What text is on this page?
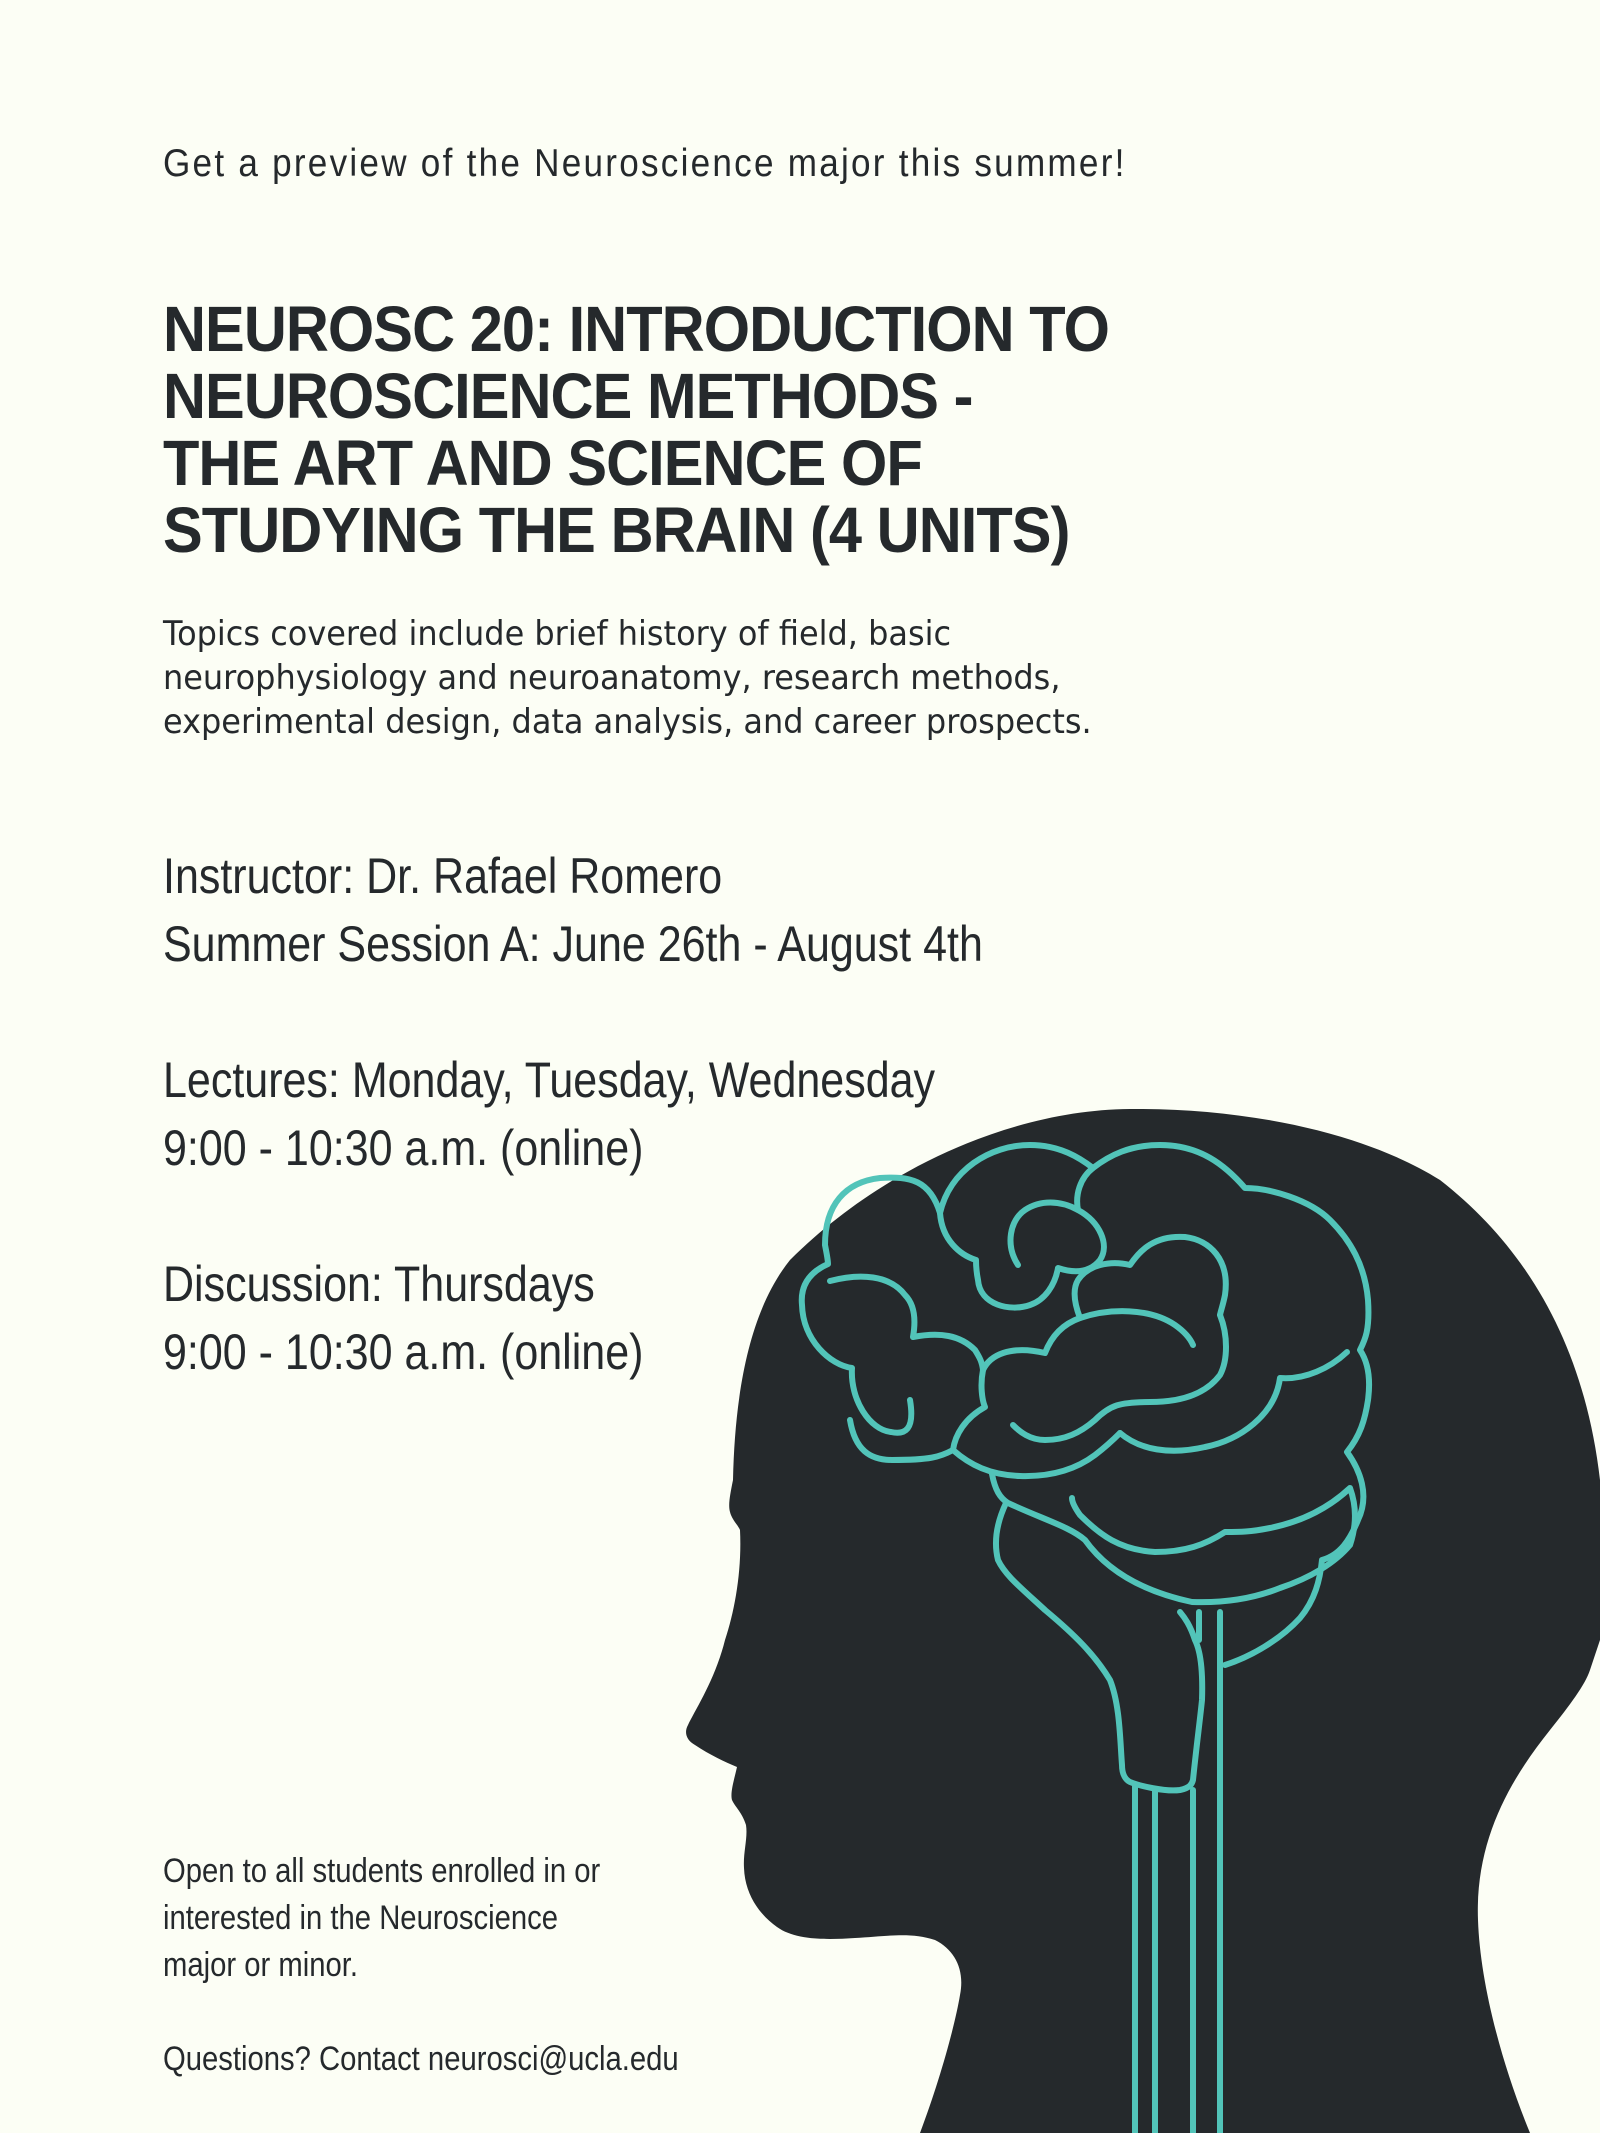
Get a preview of the Neuroscience major this summer!

NEUROSC 20: INTRODUCTION TO
NEUROSCIENCE METHODS -
THE ART AND SCIENCE OF
STUDYING THE BRAIN (4 UNITS)

Topics covered include brief history of field, basic
neurophysiology and neuroanatomy, research methods,
experimental design, data analysis, and career prospects.

Instructor: Dr. Rafael Romero
Summer Session A: June 26th - August 4th
Lectures: Monday, Tuesday, Wednesday
9:00 - 10:30 a.m. (online)
Discussion: Thursdays
9:00 - 10:30 a.m. (online)
Open to all students enrolled in or
interested in the Neuroscience
major or minor.
Questions? Contact neurosci@ucla.edu
